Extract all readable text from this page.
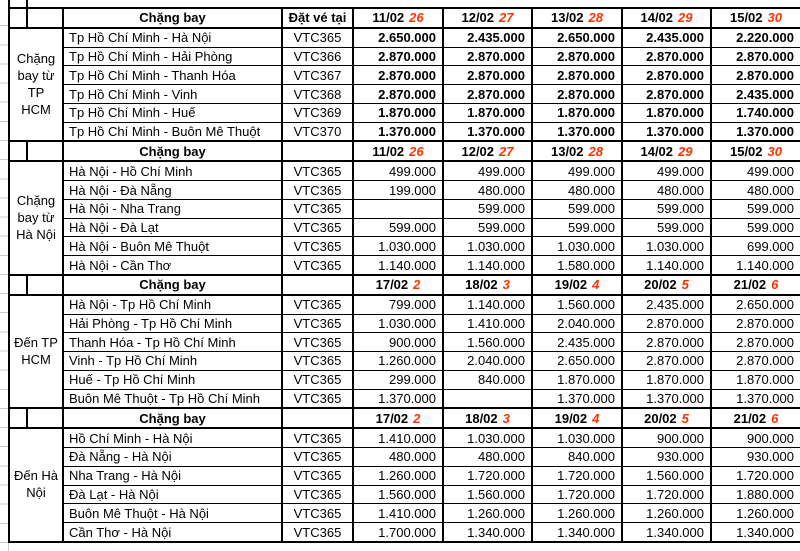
		Chặng bay	Đặt vé tại	11/02 26	12/02 27	13/02 28	14/02 29	15/02 30
Chặng bay từ TP HCM		Tp Hồ Chí Minh - Hà Nội	VTC365	2.650.000	2.435.000	2.650.000	2.435.000	2.220.000
		Tp Hồ Chí Minh - Hải Phòng	VTC366	2.870.000	2.870.000	2.870.000	2.870.000	2.870.000
		Tp Hồ Chí Minh - Thanh Hóa	VTC367	2.870.000	2.870.000	2.870.000	2.870.000	2.870.000
		Tp Hồ Chí Minh - Vinh	VTC368	2.870.000	2.870.000	2.870.000	2.870.000	2.435.000
		Tp Hồ Chí Minh - Huế	VTC369	1.870.000	1.870.000	1.870.000	1.870.000	1.740.000
		Tp Hồ Chí Minh - Buôn Mê Thuột	VTC370	1.370.000	1.370.000	1.370.000	1.370.000	1.370.000
		Chặng bay		11/02 26	12/02 27	13/02 28	14/02 29	15/02 30
Chặng bay từ Hà Nội		Hà Nội - Hồ Chí Minh	VTC365	499.000	499.000	499.000	499.000	499.000
		Hà Nội - Đà Nẵng	VTC365	199.000	480.000	480.000	480.000	480.000
		Hà Nội - Nha Trang	VTC365		599.000	599.000	599.000	599.000
		Hà Nội - Đà Lạt	VTC365	599.000	599.000	599.000	599.000	599.000
		Hà Nội - Buôn Mê Thuột	VTC365	1.030.000	1.030.000	1.030.000	1.030.000	699.000
		Hà Nội - Cần Thơ	VTC365	1.140.000	1.140.000	1.580.000	1.140.000	1.140.000
		Chặng bay		17/02 2	18/02 3	19/02 4	20/02 5	21/02 6
Đến TP HCM		Hà Nội - Tp Hồ Chí Minh	VTC365	799.000	1.140.000	1.560.000	2.435.000	2.650.000
		Hải Phòng - Tp Hồ Chí Minh	VTC365	1.030.000	1.410.000	2.040.000	2.870.000	2.870.000
		Thanh Hóa - Tp Hồ Chí Minh	VTC365	900.000	1.560.000	2.435.000	2.870.000	2.870.000
		Vinh - Tp Hồ Chí Minh	VTC365	1.260.000	2.040.000	2.650.000	2.870.000	2.870.000
		Huế - Tp Hồ Chí Minh	VTC365	299.000	840.000	1.870.000	1.870.000	1.870.000
		Buôn Mê Thuột - Tp Hồ Chí Minh	VTC365	1.370.000		1.370.000	1.370.000	1.370.000
		Chặng bay		17/02 2	18/02 3	19/02 4	20/02 5	21/02 6
Đến Hà Nội		Hồ Chí Minh - Hà Nội	VTC365	1.410.000	1.030.000	1.030.000	900.000	900.000
		Đà Nẵng - Hà Nội	VTC365	480.000	480.000	840.000	930.000	930.000
		Nha Trang - Hà Nội	VTC365	1.260.000	1.720.000	1.720.000	1.560.000	1.720.000
		Đà Lạt - Hà Nội	VTC365	1.560.000	1.560.000	1.720.000	1.720.000	1.880.000
		Buôn Mê Thuột - Hà Nội	VTC365	1.410.000	1.260.000	1.260.000	1.260.000	1.260.000
		Cần Thơ - Hà Nội	VTC365	1.700.000	1.340.000	1.340.000	1.340.000	1.340.000
